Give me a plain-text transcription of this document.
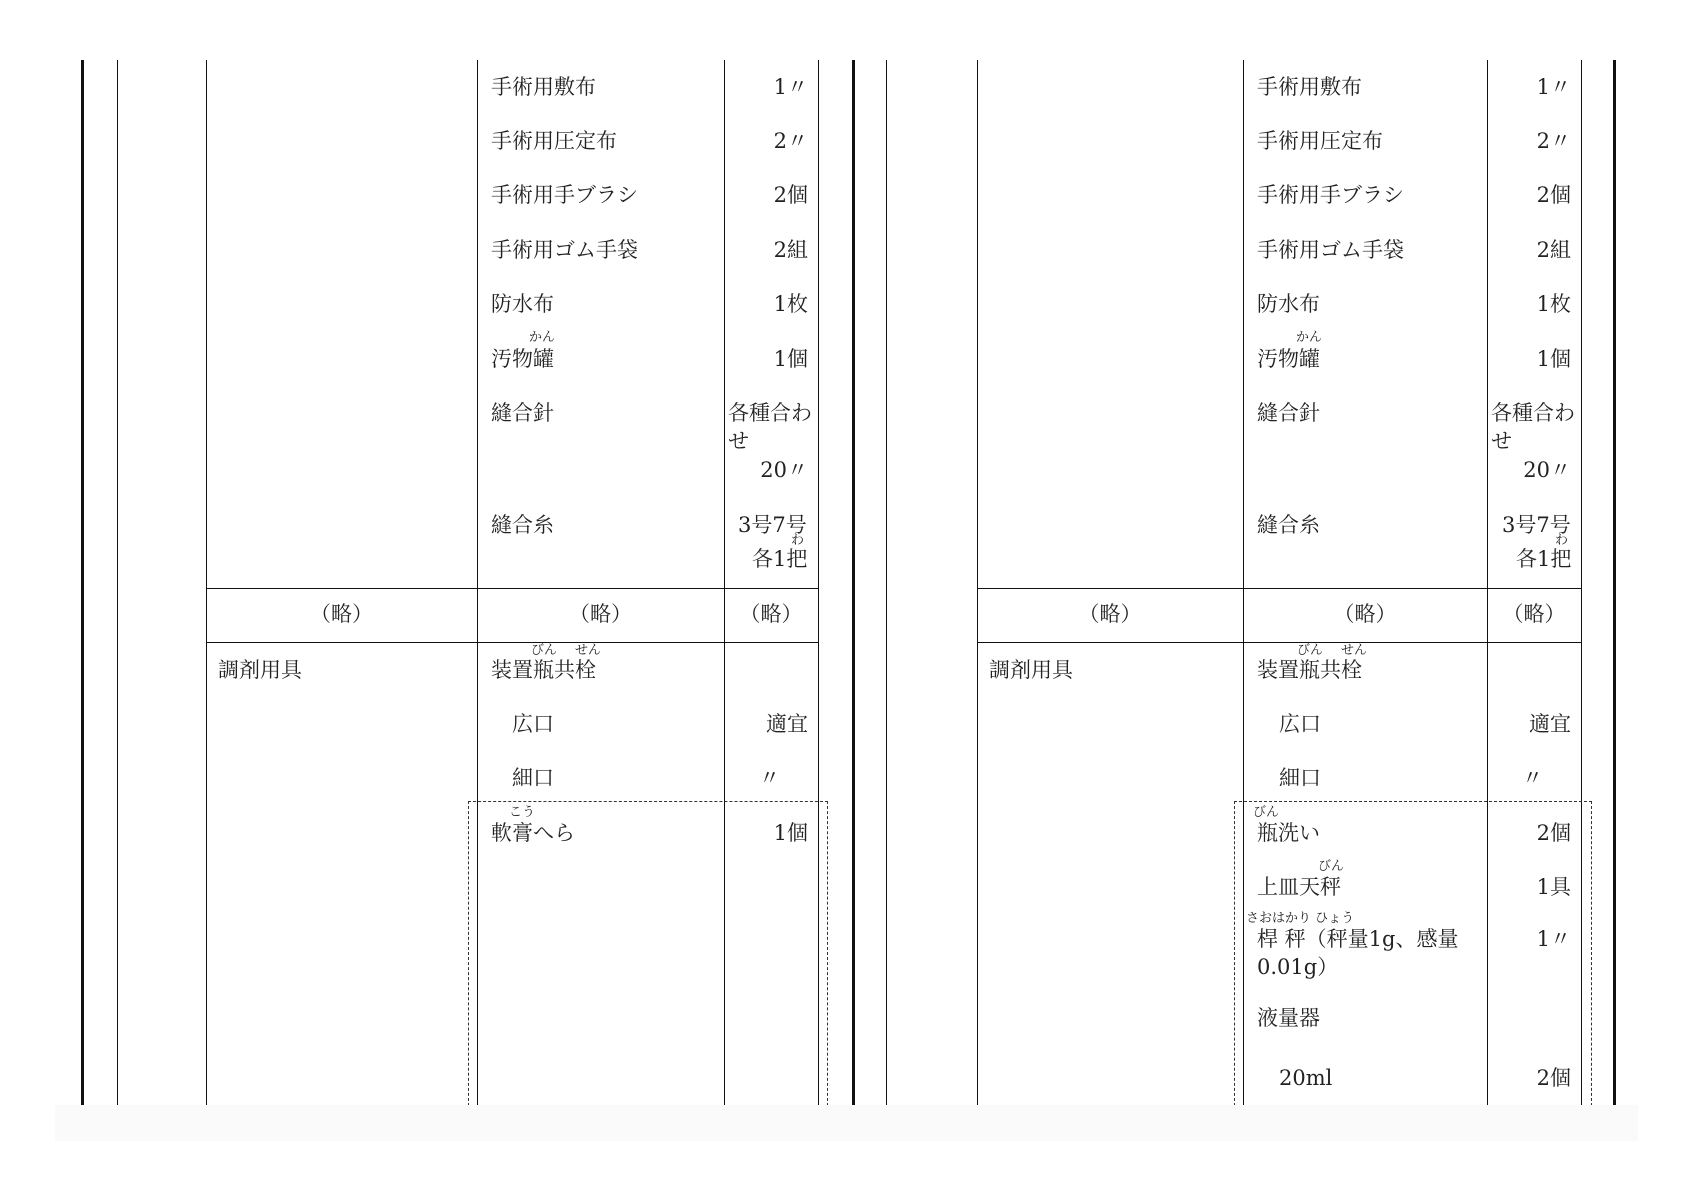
手術用敷布	1〃
手術用圧定布	2〃
手術用手ブラシ	2個
手術用ゴム手袋	2組
防水布	1枚
かん
汚物罐	1個
縫合針	各種合わ
せ
20〃
縫合糸	3号7号
わ
各1把
（略）	（略）	（略）
調剤用具
びん せん
装置瓶共栓
広口	適宜
細口	〃
こう
軟膏へら	1個
手術用敷布	1〃
手術用圧定布	2〃
手術用手ブラシ	2個
手術用ゴム手袋	2組
防水布	1枚
かん
汚物罐	1個
縫合針	各種合わ
せ
20〃
縫合糸	3号7号
わ
各1把
（略）	（略）	（略）
調剤用具
びん せん
装置瓶共栓
広口	適宜
細口	〃
びん
瓶洗い	2個
びん
上皿天秤	1具
さおはかり ひょう
桿 秤（秤量1g、感量
0.01g）
1〃
液量器
20ml	2個
